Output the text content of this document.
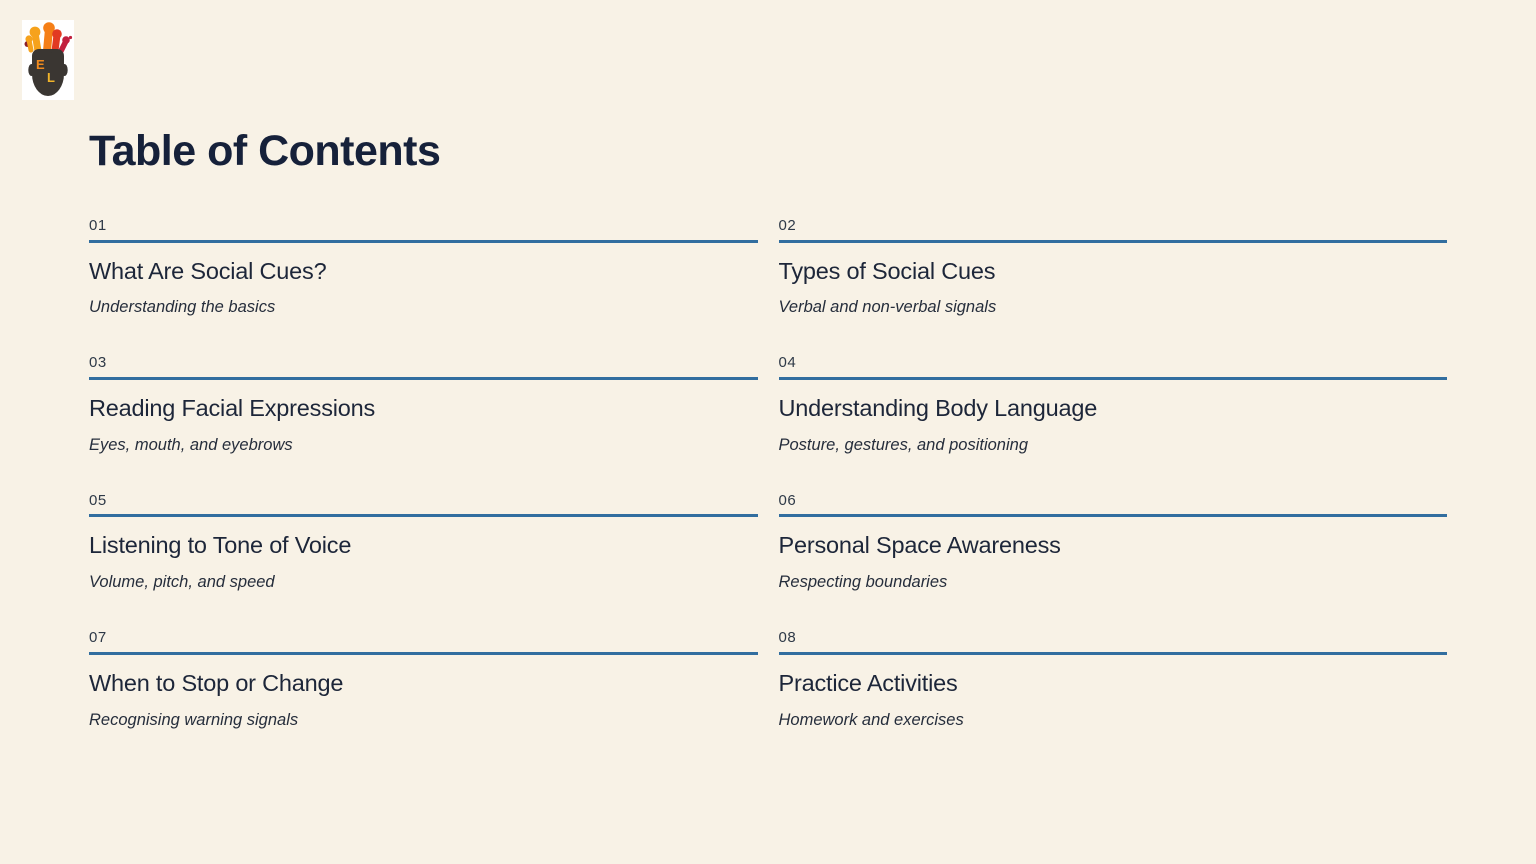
E
L
Table of Contents
01
What Are Social Cues?
Understanding the basics
02
Types of Social Cues
Verbal and non-verbal signals
03
Reading Facial Expressions
Eyes, mouth, and eyebrows
04
Understanding Body Language
Posture, gestures, and positioning
05
Listening to Tone of Voice
Volume, pitch, and speed
06
Personal Space Awareness
Respecting boundaries
07
When to Stop or Change
Recognising warning signals
08
Practice Activities
Homework and exercises
